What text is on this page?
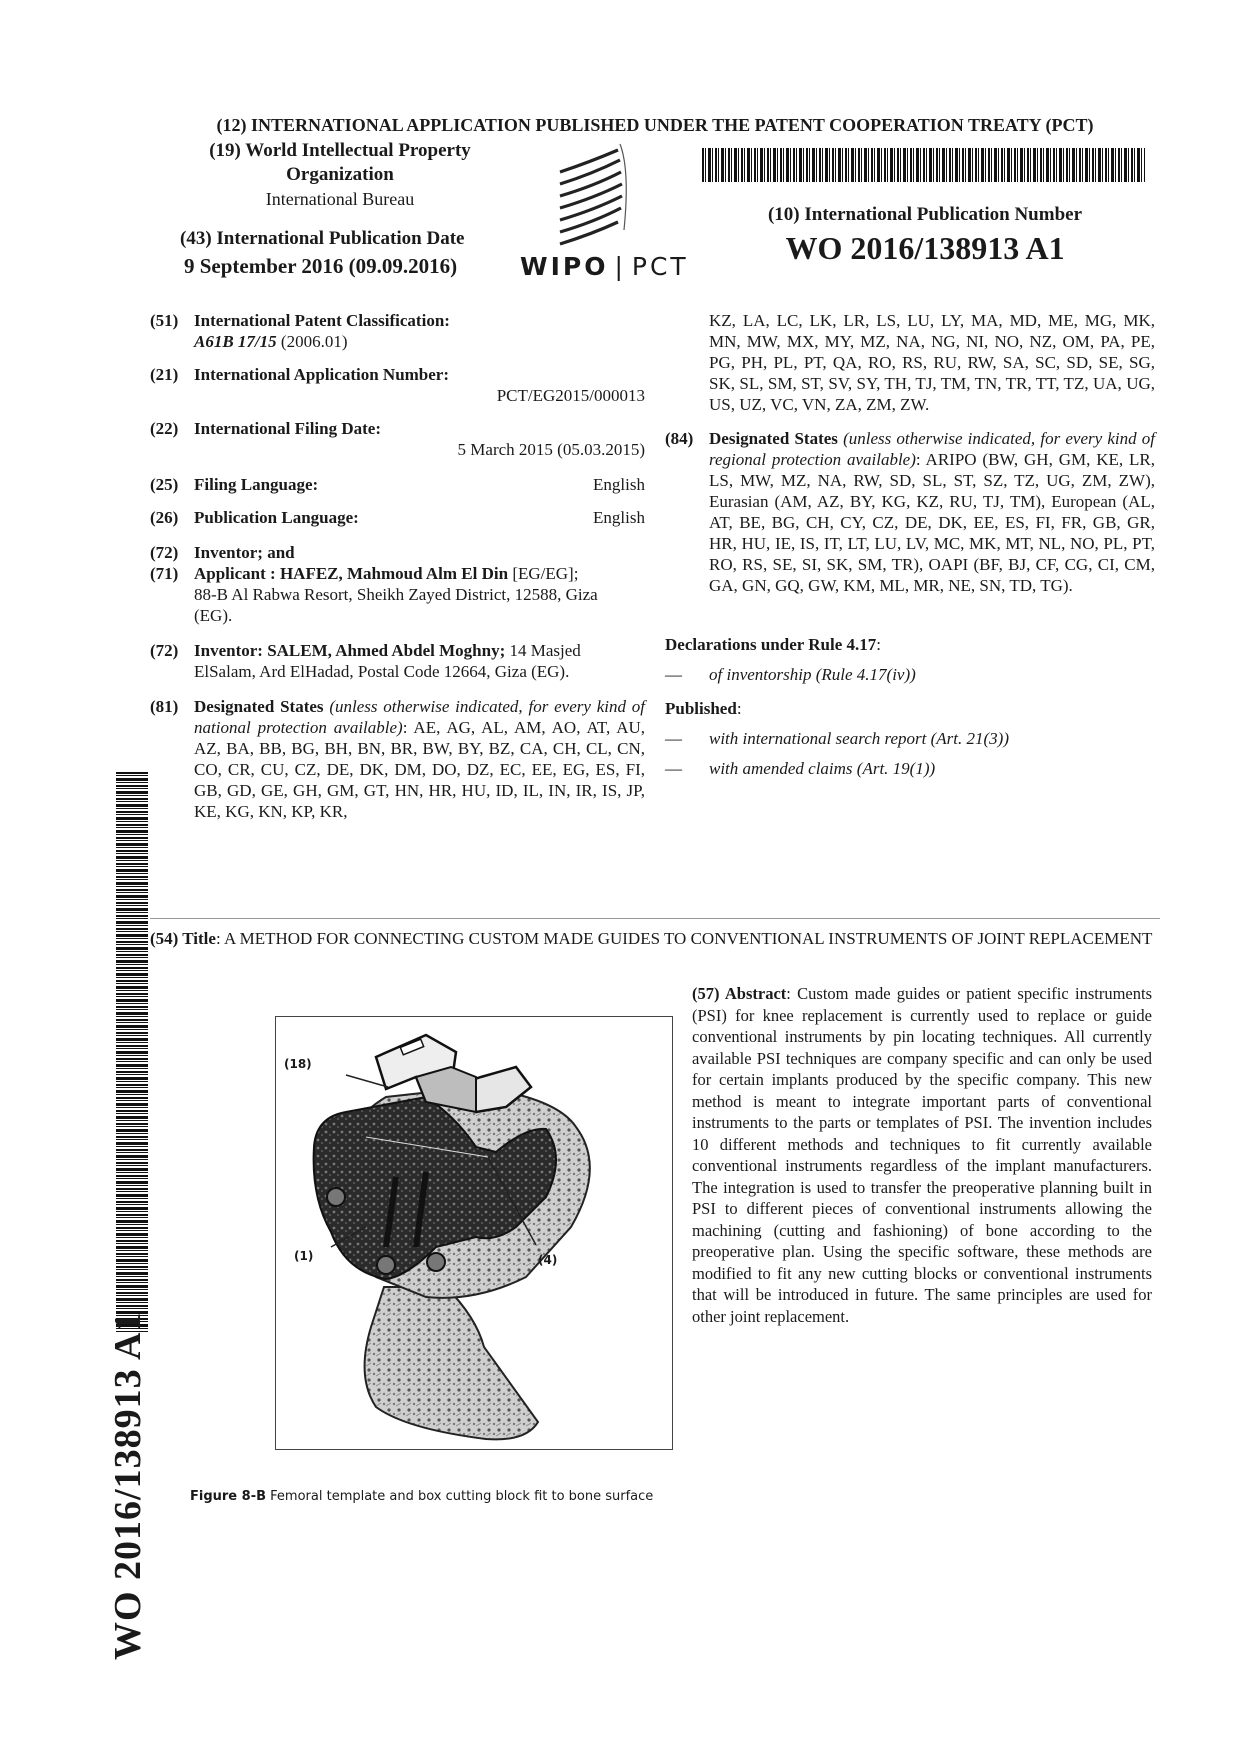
(12) INTERNATIONAL APPLICATION PUBLISHED UNDER THE PATENT COOPERATION TREATY (PCT)
(19) World Intellectual Property
Organization
International Bureau
(43) International Publication Date
9 September 2016 (09.09.2016)	WIPO | PCT
(10) International Publication Number
WO 2016/138913 A1
(51) International Patent Classification:
A61B 17/15 (2006.01)
(21) International Application Number:
PCT/EG2015/000013
(22) International Filing Date:
5 March 2015 (05.03.2015)
(25) Filing Language:	English
(26) Publication Language:	English
(72) Inventor; and
(71) Applicant : HAFEZ, Mahmoud Alm El Din [EG/EG];
88-B Al Rabwa Resort, Sheikh Zayed District, 12588, Giza
(EG).
(72) Inventor: SALEM, Ahmed Abdel Moghny; 14 Masjed
ElSalam, Ard ElHadad, Postal Code 12664, Giza (EG).
(81) Designated States (unless otherwise indicated, for every kind of national protection available): AE, AG, AL, AM, AO, AT, AU, AZ, BA, BB, BG, BH, BN, BR, BW, BY, BZ, CA, CH, CL, CN, CO, CR, CU, CZ, DE, DK, DM, DO, DZ, EC, EE, EG, ES, FI, GB, GD, GE, GH, GM, GT, HN, HR, HU, ID, IL, IN, IR, IS, JP, KE, KG, KN, KP, KR,
KZ, LA, LC, LK, LR, LS, LU, LY, MA, MD, ME, MG, MK, MN, MW, MX, MY, MZ, NA, NG, NI, NO, NZ, OM, PA, PE, PG, PH, PL, PT, QA, RO, RS, RU, RW, SA, SC, SD, SE, SG, SK, SL, SM, ST, SV, SY, TH, TJ, TM, TN, TR, TT, TZ, UA, UG, US, UZ, VC, VN, ZA, ZM, ZW.
(84) Designated States (unless otherwise indicated, for every kind of regional protection available): ARIPO (BW, GH, GM, KE, LR, LS, MW, MZ, NA, RW, SD, SL, ST, SZ, TZ, UG, ZM, ZW), Eurasian (AM, AZ, BY, KG, KZ, RU, TJ, TM), European (AL, AT, BE, BG, CH, CY, CZ, DE, DK, EE, ES, FI, FR, GB, GR, HR, HU, IE, IS, IT, LT, LU, LV, MC, MK, MT, NL, NO, PL, PT, RO, RS, SE, SI, SK, SM, TR), OAPI (BF, BJ, CF, CG, CI, CM, GA, GN, GQ, GW, KM, ML, MR, NE, SN, TD, TG).
Declarations under Rule 4.17:
— of inventorship (Rule 4.17(iv))
Published:
— with international search report (Art. 21(3))
— with amended claims (Art. 19(1))
WO 2016/138913 A1
(54) Title: A METHOD FOR CONNECTING CUSTOM MADE GUIDES TO CONVENTIONAL INSTRUMENTS OF JOINT REPLACEMENT
(57) Abstract: Custom made guides or patient specific instruments (PSI) for knee replacement is currently used to replace or guide conventional instruments by pin locating techniques. All currently available PSI techniques are company specific and can only be used for certain implants produced by the specific company. This new method is meant to integrate important parts of conventional instruments to the parts or templates of PSI. The invention includes 10 different methods and techniques to fit currently available conventional instruments regardless of the implant manufacturers. The integration is used to transfer the preoperative planning built in PSI to different pieces of conventional instruments allowing the machining (cutting and fashioning) of bone according to the preoperative plan. Using the specific software, these methods are modified to fit any new cutting blocks or conventional instruments that will be introduced in future. The same principles are used for other joint replacement.
(18)
(1)	(4)
Figure 8-B Femoral template and box cutting block fit to bone surface
